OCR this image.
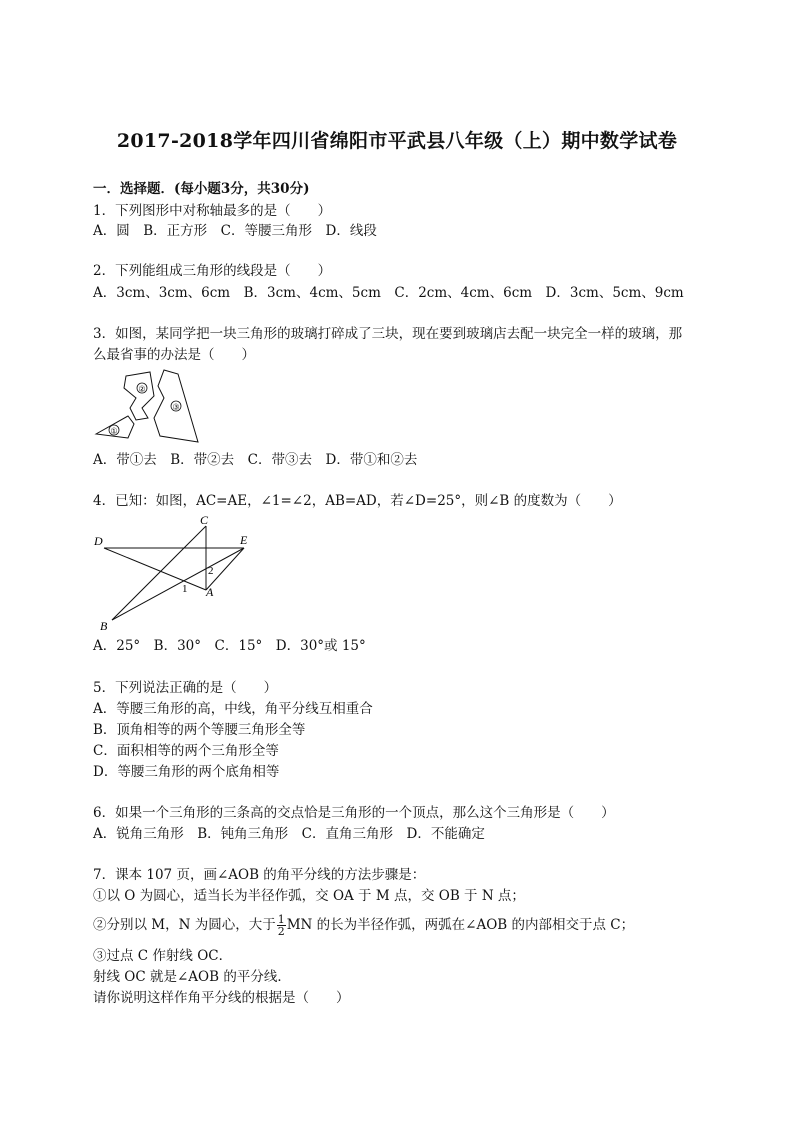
2017-2018学年四川省绵阳市平武县八年级（上）期中数学试卷
一．选择题．(每小题3分，共30分)
1．下列图形中对称轴最多的是（　　）
A．圆　B．正方形　C．等腰三角形　D．线段
2．下列能组成三角形的线段是（　　）
A．3cm、3cm、6cm　B．3cm、4cm、5cm　C．2cm、4cm、6cm　D．3cm、5cm、9cm
3．如图，某同学把一块三角形的玻璃打碎成了三块，现在要到玻璃店去配一块完全一样的玻璃，那
么最省事的办法是（　　）
①
②
③
A．带①去　B．带②去　C．带③去　D．带①和②去
4．已知：如图，AC=AE，∠1=∠2，AB=AD，若∠D=25°，则∠B 的度数为（　　）
C
D	E
A
B
1
2
A．25°　B．30°　C．15°　D．30°或 15°
5．下列说法正确的是（　　）
A．等腰三角形的高，中线，角平分线互相重合
B．顶角相等的两个等腰三角形全等
C．面积相等的两个三角形全等
D．等腰三角形的两个底角相等
6．如果一个三角形的三条高的交点恰是三角形的一个顶点，那么这个三角形是（　　）
A．锐角三角形　B．钝角三角形　C．直角三角形　D．不能确定
7．课本 107 页，画∠AOB 的角平分线的方法步骤是：
①以 O 为圆心，适当长为半径作弧，交 OA 于 M 点，交 OB 于 N 点；
②分别以 M，N 为圆心，大于 $\frac{1}{2}$ MN 的长为半径作弧，两弧在∠AOB 的内部相交于点 C；
③过点 C 作射线 OC．
射线 OC 就是∠AOB 的平分线．
请你说明这样作角平分线的根据是（　　）
